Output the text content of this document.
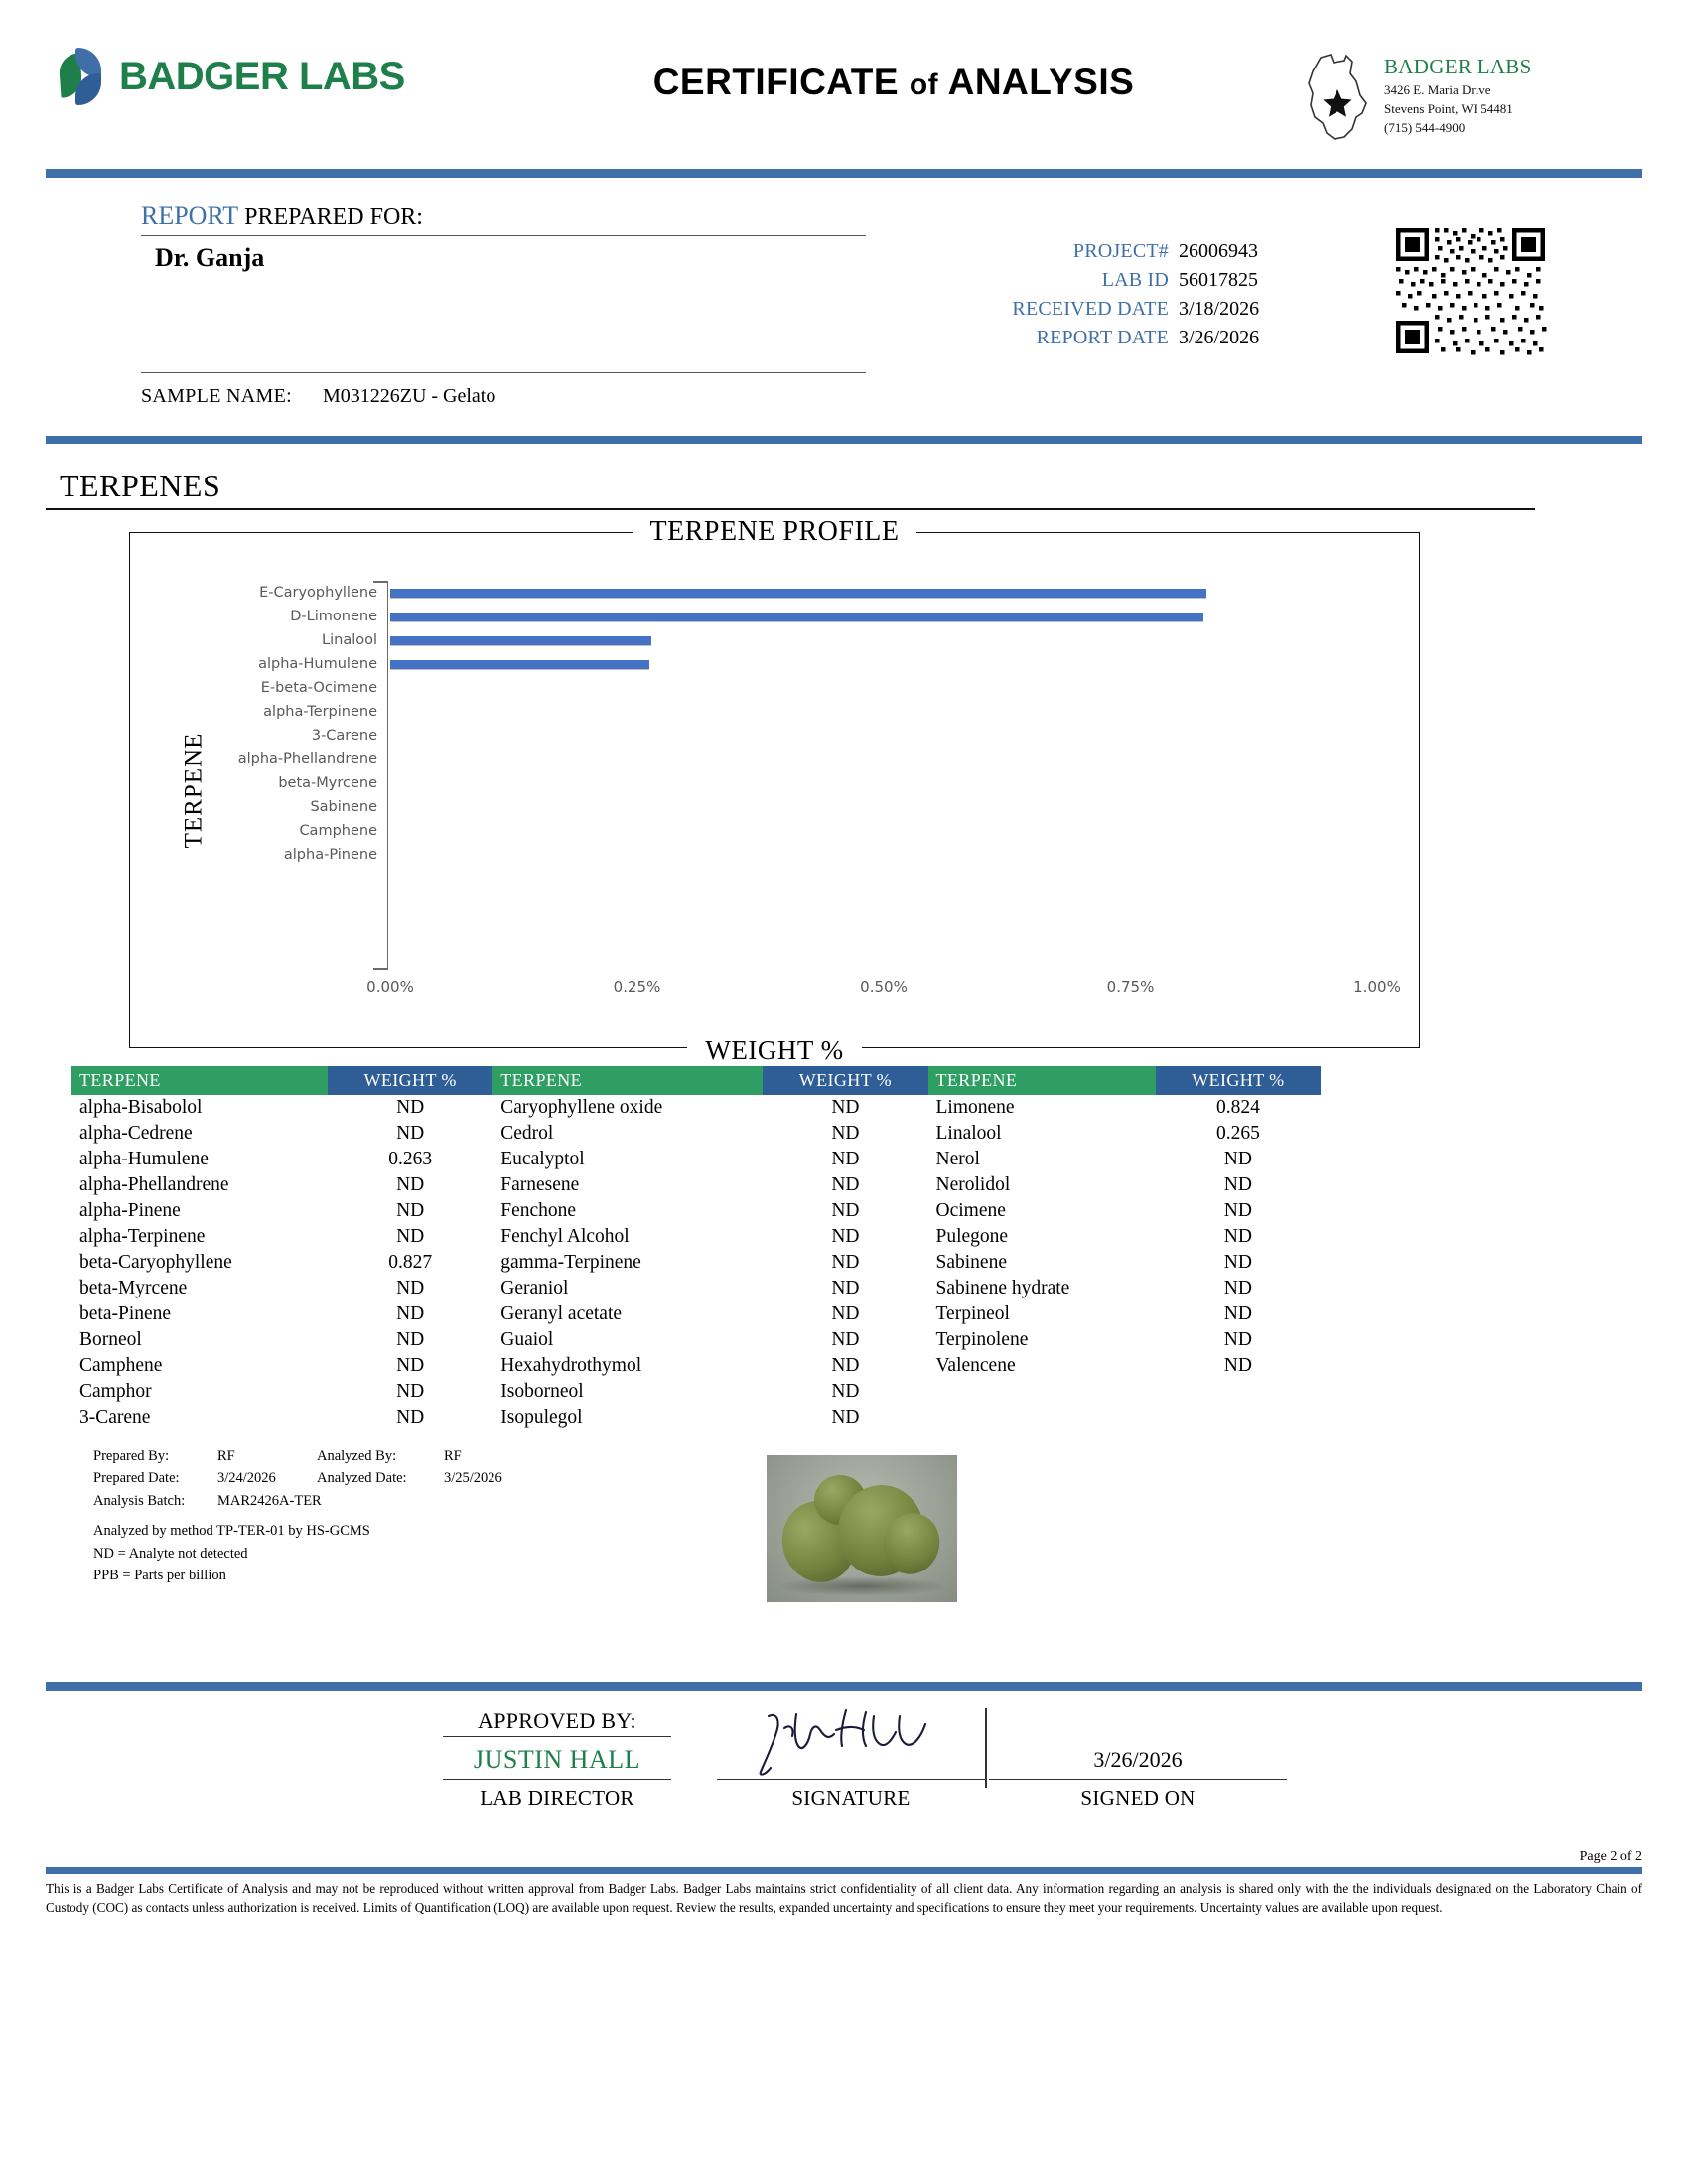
BADGER LABS	CERTIFICATE of ANALYSIS	BADGER LABS
3426 E. Maria Drive
Stevens Point, WI 54481
(715) 544-4900
REPORT PREPARED FOR:
Dr. Ganja	PROJECT#	26006943
LAB ID	56017825
RECEIVED DATE	3/18/2026
REPORT DATE	3/26/2026
SAMPLE NAME: M031226ZU - Gelato
TERPENES
TERPENE PROFILE
TERPENE
E-Caryophyllene
D-Limonene
Linalool
alpha-Humulene
E-beta-Ocimene
alpha-Terpinene
3-Carene
alpha-Phellandrene
beta-Myrcene
Sabinene
Camphene
alpha-Pinene
0.00%	0.25%	0.50%	0.75%	1.00%
WEIGHT %
TERPENE	WEIGHT %	TERPENE	WEIGHT %	TERPENE	WEIGHT %
alpha-Bisabolol	ND	Caryophyllene oxide	ND	Limonene	0.824
alpha-Cedrene	ND	Cedrol	ND	Linalool	0.265
alpha-Humulene	0.263	Eucalyptol	ND	Nerol	ND
alpha-Phellandrene	ND	Farnesene	ND	Nerolidol	ND
alpha-Pinene	ND	Fenchone	ND	Ocimene	ND
alpha-Terpinene	ND	Fenchyl Alcohol	ND	Pulegone	ND
beta-Caryophyllene	0.827	gamma-Terpinene	ND	Sabinene	ND
beta-Myrcene	ND	Geraniol	ND	Sabinene hydrate	ND
beta-Pinene	ND	Geranyl acetate	ND	Terpineol	ND
Borneol	ND	Guaiol	ND	Terpinolene	ND
Camphene	ND	Hexahydrothymol	ND	Valencene	ND
Camphor	ND	Isoborneol	ND		
3-Carene	ND	Isopulegol	ND		
Prepared By:	RF	Analyzed By:	RF
Prepared Date:	3/24/2026	Analyzed Date:	3/25/2026
Analysis Batch:	MAR2426A-TER
Analyzed by method TP-TER-01 by HS-GCMS
ND = Analyte not detected
PPB = Parts per billion
APPROVED BY:
JUSTIN HALL
LAB DIRECTOR	SIGNATURE
3/26/2026
SIGNED ON
Page 2 of 2
This is a Badger Labs Certificate of Analysis and may not be reproduced without written approval from Badger Labs. Badger Labs maintains strict confidentiality of all client data. Any information regarding an analysis is shared only with the the individuals designated on the Laboratory Chain of Custody (COC) as contacts unless authorization is received. Limits of Quantification (LOQ) are available upon request. Review the results, expanded uncertainty and specifications to ensure they meet your requirements. Uncertainty values are available upon request.
